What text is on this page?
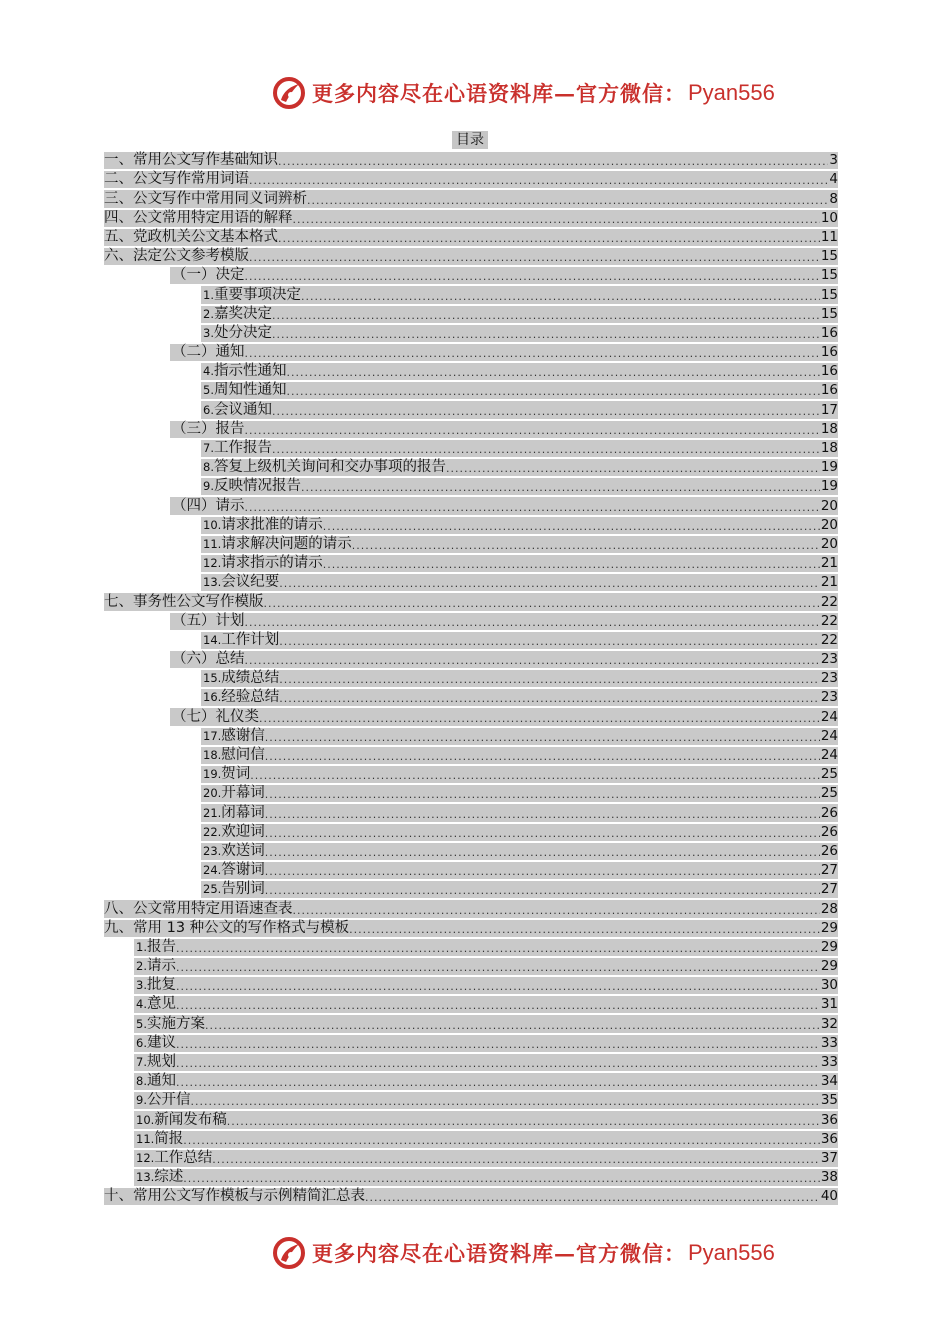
更多内容尽在心语资料库—官方微信： Pyan556
目录
一、常用公文写作基础知识 .....	3
二、公文写作常用词语 .....	4
三、公文写作中常用同义词辨析 .....	8
四、公文常用特定用语的解释 .....	10
五、党政机关公文基本格式 .....	11
六、法定公文参考模版 .....	15
（一）决定 .....	15
1.重要事项决定 .....	15
2.嘉奖决定 .....	15
3.处分决定 .....	16
（二）通知 .....	16
4.指示性通知 .....	16
5.周知性通知 .....	16
6.会议通知 .....	17
（三）报告 .....	18
7.工作报告 .....	18
8.答复上级机关询问和交办事项的报告 .....	19
9.反映情况报告 .....	19
（四）请示 .....	20
10.请求批准的请示 .....	20
11.请求解决问题的请示 .....	20
12.请求指示的请示 .....	21
13.会议纪要 .....	21
七、事务性公文写作模版 .....	22
（五）计划 .....	22
14.工作计划 .....	22
（六）总结 .....	23
15.成绩总结 .....	23
16.经验总结 .....	23
（七）礼仪类 .....	24
17.感谢信 .....	24
18.慰问信 .....	24
19.贺词 .....	25
20.开幕词 .....	25
21.闭幕词 .....	26
22.欢迎词 .....	26
23.欢送词 .....	26
24.答谢词 .....	27
25.告别词 .....	27
八、公文常用特定用语速查表 .....	28
九、常用 13 种公文的写作格式与模板 .....	29
1.报告 .....	29
2.请示 .....	29
3.批复 .....	30
4.意见 .....	31
5.实施方案 .....	32
6.建议 .....	33
7.规划 .....	33
8.通知 .....	34
9.公开信 .....	35
10.新闻发布稿 .....	36
11.简报 .....	36
12.工作总结 .....	37
13.综述 .....	38
十、常用公文写作模板与示例精简汇总表 .....	40
更多内容尽在心语资料库—官方微信： Pyan556
